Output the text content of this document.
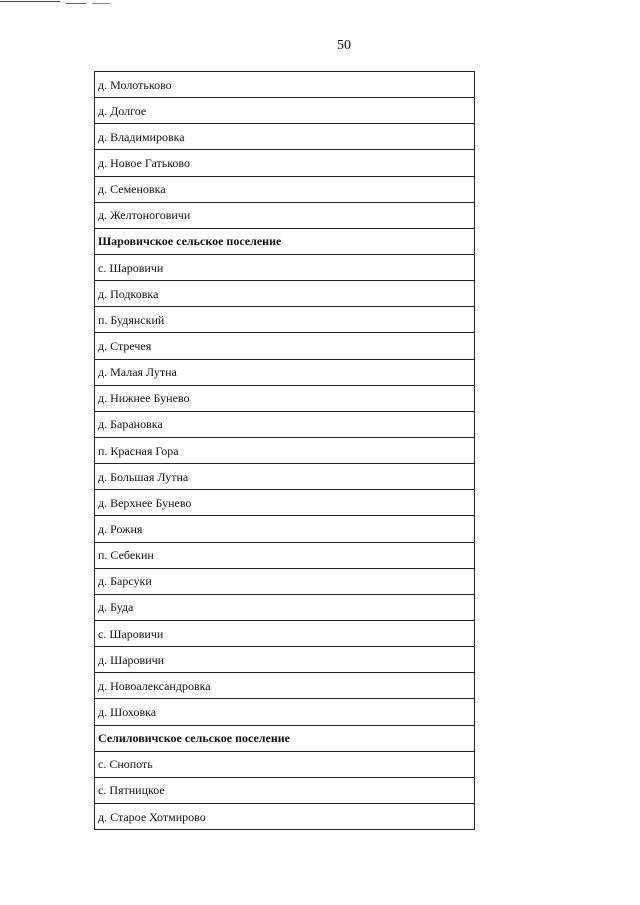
50
д. Молотьково
д. Долгое
д. Владимировка
д. Новое Гатьково
д. Семеновка
д. Желтоноговичи
Шаровичское сельское поселение
с. Шаровичи
д. Подковка
п. Будянский
д. Стречея
д. Малая Лутна
д. Нижнее Бунево
д. Барановка
п. Красная Гора
д. Большая Лутна
д. Верхнее Бунево
д. Рожня
п. Себекин
д. Барсуки
д. Буда
с. Шаровичи
д. Шаровичи
д. Новоалександровка
д. Шоховка
Селиловичское сельское поселение
с. Снопоть
с. Пятницкое
д. Старое Хотмирово
